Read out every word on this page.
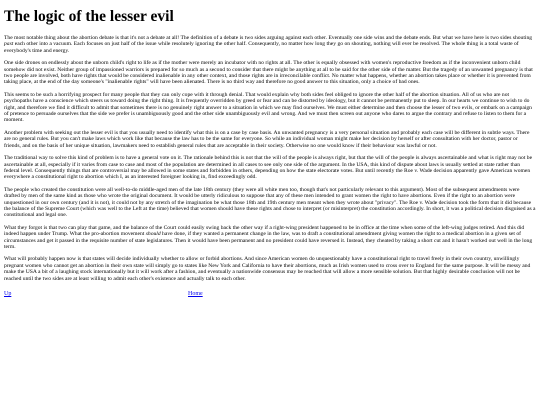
The logic of the lesser evil

The most notable thing about the abortion debate is that it's not a debate at all! The definition of a debate is two sides arguing against each other. Eventually one side wins and the debate ends. But what we have here is two sides shouting past each other into a vacuum. Each focuses on just half of the issue while resolutely ignoring the other half. Consequently, no matter how long they go on shouting, nothing will ever be resolved. The whole thing is a total waste of everybody's time and energy.

One side drones on endlessly about the unborn child's right to life as if the mother were merely an incubator with no rights at all. The other is equally obsessed with women's reproductive freedom as if the inconvenient unborn child somehow did not exist. Neither group of impassioned warriors is prepared for so much as a second to consider that there might be anything at all to be said for the other side of the matter. But the tragedy of an unwanted pregnancy is that two people are involved, both have rights that would be considered inalienable in any other context, and those rights are in irreconcilable conflict. No matter what happens, whether an abortion takes place or whether it is prevented from taking place, at the end of the day someone's "inalienable rights" will have been alienated. There is no third way and therefore no good answer to this situation, only a choice of bad ones.

This seems to be such a horrifying prospect for many people that they can only cope with it through denial. That would explain why both sides feel obliged to ignore the other half of the abortion situation. All of us who are not psychopaths have a conscience which steers us toward doing the right thing. It is frequently overridden by greed or fear and can be distorted by ideology, but it cannot be permanently put to sleep. In our hearts we continue to wish to do right, and therefore we find it difficult to admit that sometimes there is no genuinely right answer to a situation in which we may find ourselves. We must either determine and then choose the lesser of two evils, or embark on a campaign of pretence to persuade ourselves that the side we prefer is unambiguously good and the other side unambiguously evil and wrong. And we must then screen out anyone who dares to argue the contrary and refuse to listen to them for a moment.

Another problem with seeking out the lesser evil is that you usually need to identify what this is on a case by case basis. An unwanted pregnancy is a very personal situation and probably each case will be different in subtle ways. There are no general rules. But you can't make laws which work like that because the law has to be the same for everyone. So while an individual woman might make her decision by herself or after consultation with her doctor, pastor or friends, and on the basis of her unique situation, lawmakers need to establish general rules that are acceptable in their society. Otherwise no one would know if their behaviour was lawful or not.

The traditional way to solve this kind of problem is to have a general vote on it. The rationale behind this is not that the will of the people is always right, but that the will of the people is always ascertainable and what is right may not be ascertainable at all, especially if it varies from case to case and most of the population are determined in all cases to see only one side of the argument. In the USA, this kind of dispute about laws is usually settled at state rather than federal level. Consequently things that are controversial may be allowed in some states and forbidden in others, depending on how the state electorate votes. But until recently the Roe v. Wade decision apparently gave American women everywhere a constitutional right to abortion which I, as an interested foreigner looking in, find exceedingly odd.

The people who created the constitution were all well-to-do middle-aged men of the late 18th century (they were all white men too, though that's not particularly relevant to this argument). Most of the subsequent amendments were drafted by men of the same kind as those who wrote the original document. It would be utterly ridiculous to suppose that any of these men intended to grant women the right to have abortions. Even if the right to an abortion were unquestioned in our own century (and it is not), it could not by any stretch of the imagination be what those 18th and 19th century men meant when they wrote about "privacy". The Roe v. Wade decision took the form that it did because the balance of the Supreme Court (which was well to the Left at the time) believed that women should have these rights and chose to interpret (or misinterpret) the constitution accordingly. In short, it was a political decision disguised as a constitutional and legal one.

What they forgot is that two can play that game, and the balance of the Court could easily swing back the other way if a right-wing president happened to be in office at the time when some of the left-wing judges retired. And this did indeed happen under Trump. What the pro-abortion movement should have done, if they wanted a permanent change in the law, was to draft a constitutional amendment giving women the right to a medical abortion in a given set of circumstances and get it passed in the requisite number of state legislatures. Then it would have been permanent and no president could have reversed it. Instead, they cheated by taking a short cut and it hasn't worked out well in the long term.

What will probably happen now is that states will decide individually whether to allow or forbid abortions. And since American women do unquestionably have a constitutional right to travel freely in their own country, unwillingly pregnant women who cannot get an abortion in their own state will simply go to states like New York and California to have their abortions, much as Irish women used to cross over to England for the same purpose. It will be messy and make the USA a bit of a laughing stock internationally but it will work after a fashion, and eventually a nationwide consensus may be reached that will allow a more sensible solution. But that highly desirable conclusion will not be reached until the two sides are at least willing to admit each other's existence and actually talk to each other.

Up	Home
